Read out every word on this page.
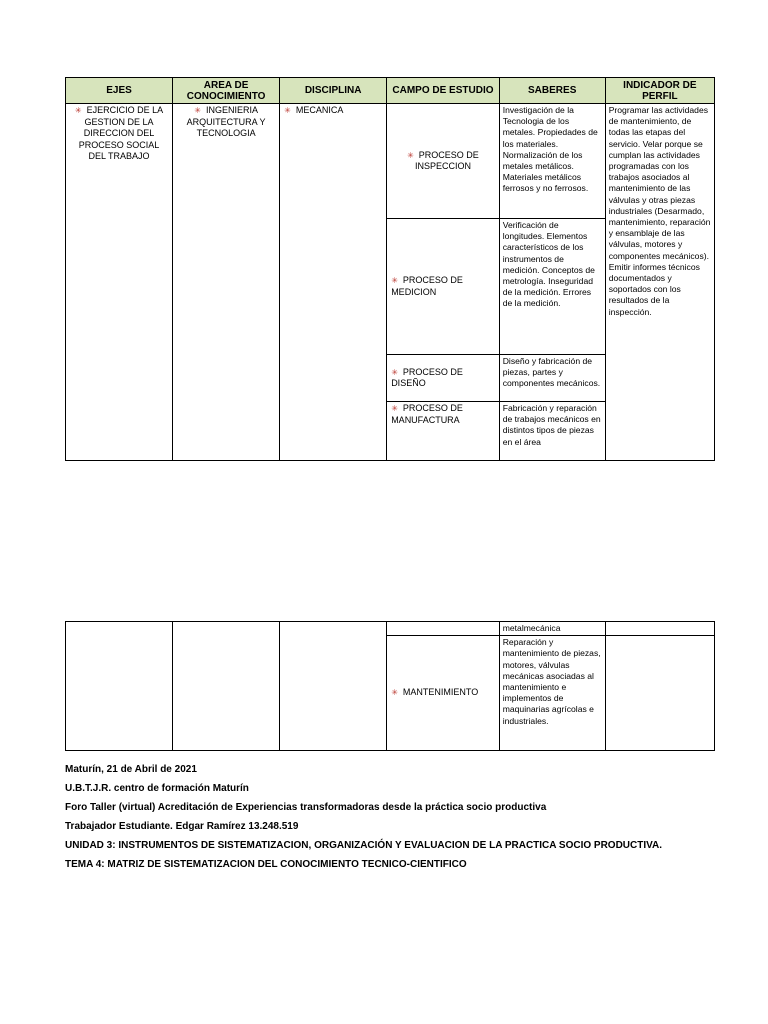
EJES	AREA DE CONOCIMIENTO	DISCIPLINA	CAMPO DE ESTUDIO	SABERES	INDICADOR DE PERFIL
✳ EJERCICIO DE LA GESTION DE LA DIRECCION DEL PROCESO SOCIAL DEL TRABAJO	✳ INGENIERIA ARQUITECTURA Y TECNOLOGIA	✳ MECANICA	✳ PROCESO DE INSPECCION	Investigación de la Tecnologia de los metales. Propiedades de los materiales. Normalización de los metales metálicos. Materiales metálicos ferrosos y no ferrosos.	Programar las actividades de mantenimiento, de todas las etapas del servicio. Velar porque se cumplan las actividades programadas con los trabajos asociados al mantenimiento de las válvulas y otras piezas industriales (Desarmado, mantenimiento, reparación y ensamblaje de las válvulas, motores y componentes mecánicos). Emitir informes técnicos documentados y soportados con los resultados de la inspección.
			✳ PROCESO DE MEDICION	Verificación de longitudes. Elementos característicos de los instrumentos de medición. Conceptos de metrología. Inseguridad de la medición. Errores de la medición.	
			✳ PROCESO DE DISEÑO	Diseño y fabricación de piezas, partes y componentes mecánicos.	
			✳ PROCESO DE MANUFACTURA	Fabricación y reparación de trabajos mecánicos en distintos tipos de piezas en el área	
				metalmecánica	
			✳ MANTENIMIENTO	Reparación y mantenimiento de piezas, motores, válvulas mecánicas asociadas al mantenimiento e implementos de maquinarias agrícolas e industriales.	
Maturín, 21 de Abril de 2021
U.B.T.J.R. centro de formación Maturín
Foro Taller (virtual) Acreditación de Experiencias transformadoras desde la práctica socio productiva
Trabajador Estudiante. Edgar Ramírez 13.248.519
UNIDAD 3: INSTRUMENTOS DE SISTEMATIZACION, ORGANIZACIÓN Y EVALUACION DE LA PRACTICA SOCIO PRODUCTIVA.
TEMA 4: MATRIZ DE SISTEMATIZACION DEL CONOCIMIENTO TECNICO-CIENTIFICO
